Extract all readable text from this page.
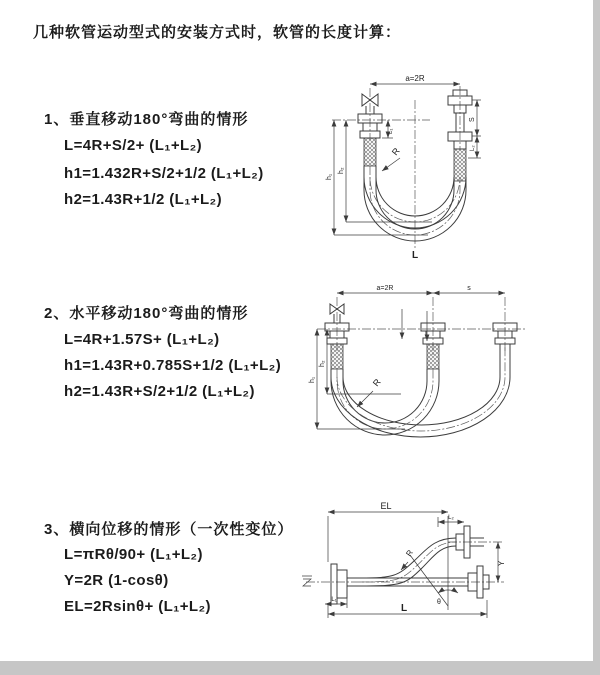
几种软管运动型式的安装方式时，软管的长度计算：
1、垂直移动180°弯曲的情形
L=4R+S/2+ (L₁+L₂)
h1=1.432R+S/2+1/2 (L₁+L₂)
h2=1.43R+1/2 (L₁+L₂)
a=2R
R
h₁
h₂
L₁
S
L₂
L
2、水平移动180°弯曲的情形
L=4R+1.57S+ (L₁+L₂)
h1=1.43R+0.785S+1/2 (L₁+L₂)
h2=1.43R+S/2+1/2 (L₁+L₂)
a=2R	s
R
h₁
h₂
3、横向位移的情形（一次性变位）
L=πRθ/90+ (L₁+L₂)
Y=2R (1-cosθ)
EL=2Rsinθ+ (L₁+L₂)
EL
L₂
θ
R
Y
L
L₁
